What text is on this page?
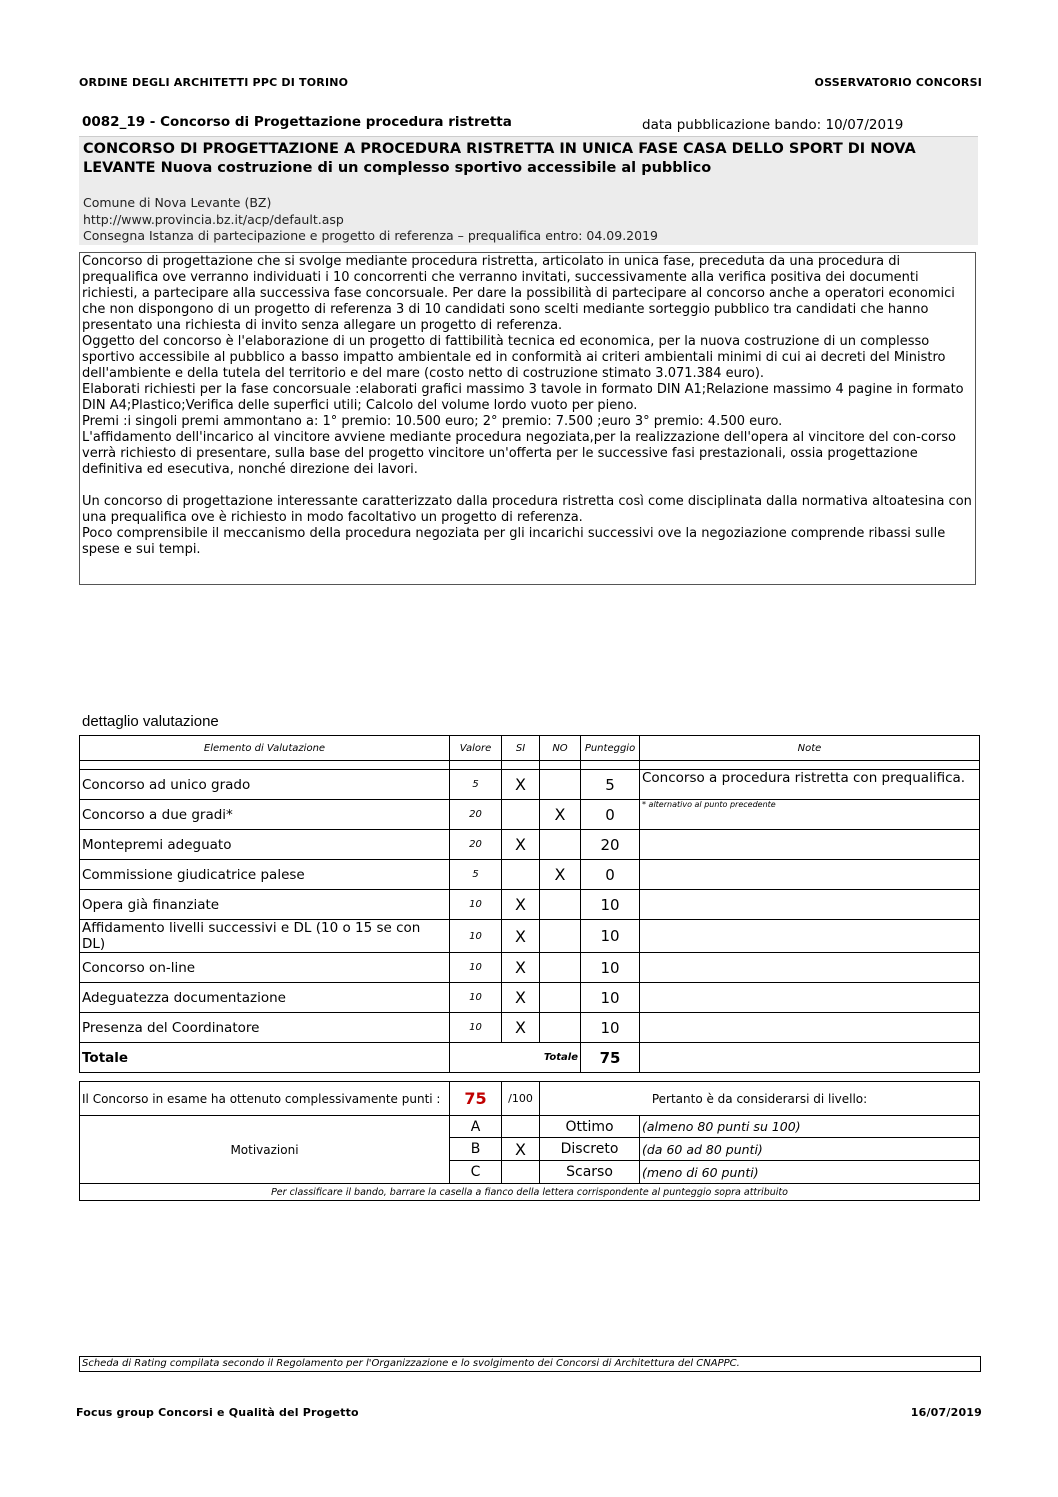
ORDINE DEGLI ARCHITETTI PPC DI TORINO	OSSERVATORIO CONCORSI
0082_19 - Concorso di Progettazione procedura ristretta	data pubblicazione bando: 10/07/2019
CONCORSO DI PROGETTAZIONE A PROCEDURA RISTRETTA IN UNICA FASE CASA DELLO SPORT DI NOVA
LEVANTE Nuova costruzione di un complesso sportivo accessibile al pubblico
Comune di Nova Levante (BZ)
http://www.provincia.bz.it/acp/default.asp
Consegna Istanza di partecipazione e progetto di referenza – prequalifica entro: 04.09.2019

Concorso di progettazione che si svolge mediante procedura ristretta, articolato in unica fase, preceduta da una procedura di prequalifica ove verranno individuati i 10 concorrenti che verranno invitati, successivamente alla verifica positiva dei documenti richiesti, a partecipare alla successiva fase concorsuale. Per dare la possibilità di partecipare al concorso anche a operatori economici che non dispongono di un progetto di referenza 3 di 10 candidati sono scelti mediante sorteggio pubblico tra candidati che hanno presentato una richiesta di invito senza allegare un progetto di referenza.

Oggetto del concorso è l'elaborazione di un progetto di fattibilità tecnica ed economica, per la nuova costruzione di un complesso sportivo accessibile al pubblico a basso impatto ambientale ed in conformità ai criteri ambientali minimi di cui ai decreti del Ministro dell'ambiente e della tutela del territorio e del mare (costo netto di costruzione stimato 3.071.384 euro).

Elaborati richiesti per la fase concorsuale :elaborati grafici massimo 3 tavole in formato DIN A1;Relazione massimo 4 pagine in formato DIN A4;Plastico;Verifica delle superfici utili; Calcolo del volume lordo vuoto per pieno.

Premi :i singoli premi ammontano a: 1° premio: 10.500 euro; 2° premio: 7.500 ;euro 3° premio: 4.500 euro.

L'affidamento dell'incarico al vincitore avviene mediante procedura negoziata,per la realizzazione dell'opera al vincitore del con-corso verrà richiesto di presentare, sulla base del progetto vincitore un'offerta per le successive fasi prestazionali, ossia progettazione definitiva ed esecutiva, nonché direzione dei lavori.

Un concorso di progettazione interessante caratterizzato dalla procedura ristretta così come disciplinata dalla normativa altoatesina con una prequalifica ove è richiesto in modo facoltativo un progetto di referenza.

Poco comprensibile il meccanismo della procedura negoziata per gli incarichi successivi ove la negoziazione comprende ribassi sulle spese e sui tempi.

dettaglio valutazione
Elemento di Valutazione	Valore	SI	NO	Punteggio	Note

Concorso ad unico grado	5	X		5	Concorso a procedura ristretta con prequalifica.
Concorso a due gradi*	20		X	0	* alternativo al punto precedente
Montepremi adeguato	20	X		20	
Commissione giudicatrice palese	5		X	0	
Opera già finanziate	10	X		10	
Affidamento livelli successivi e DL (10 o 15 se con DL)	10	X		10	
Concorso on-line	10	X		10	
Adeguatezza documentazione	10	X		10	
Presenza del Coordinatore	10	X		10	
Totale	Totale			75	
Il Concorso in esame ha ottenuto complessivamente punti :	75	/100	Pertanto è da considerarsi di livello:	
Motivazioni	A		Ottimo	(almeno 80 punti su 100)
	B	X	Discreto	(da 60 ad 80 punti)
	C		Scarso	(meno di 60 punti)
Per classificare il bando, barrare la casella a fianco della lettera corrispondente al punteggio sopra attribuito				
Scheda di Rating compilata secondo il Regolamento per l'Organizzazione e lo svolgimento dei Concorsi di Architettura del CNAPPC.
Focus group Concorsi e Qualità del Progetto	16/07/2019
